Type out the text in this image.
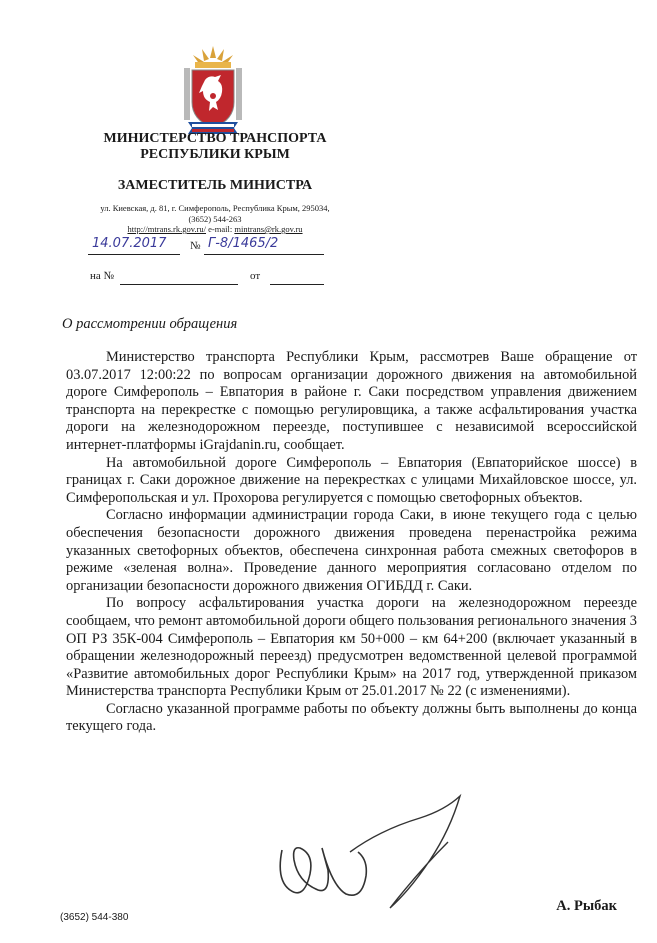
МИНИСТЕРСТВО ТРАНСПОРТА
РЕСПУБЛИКИ КРЫМ
ЗАМЕСТИТЕЛЬ МИНИСТРА
ул. Киевская, д. 81, г. Симферополь, Республика Крым, 295034,
(3652) 544-263
http://mtrans.rk.gov.ru/ e-mail: mintrans@rk.gov.ru
14.07.2017 № Г-8/1465/2
на №	от
О рассмотрении обращения

Министерство транспорта Республики Крым, рассмотрев Ваше обращение от 03.07.2017 12:00:22 по вопросам организации дорожного движения на автомобильной дороге Симферополь – Евпатория в районе г. Саки посредством управления движением транспорта на перекрестке с помощью регулировщика, а также асфальтирования участка дороги на железнодорожном переезде, поступившее с независимой всероссийской интернет-платформы iGrajdanin.ru, сообщает.

На автомобильной дороге Симферополь – Евпатория (Евпаторийское шоссе) в границах г. Саки дорожное движение на перекрестках с улицами Михайловское шоссе, ул. Симферопольская и ул. Прохорова регулируется с помощью светофорных объектов.

Согласно информации администрации города Саки, в июне текущего года с целью обеспечения безопасности дорожного движения проведена перенастройка режима указанных светофорных объектов, обеспечена синхронная работа смежных светофоров в режиме «зеленая волна». Проведение данного мероприятия согласовано отделом по организации безопасности дорожного движения ОГИБДД г. Саки.

По вопросу асфальтирования участка дороги на железнодорожном переезде сообщаем, что ремонт автомобильной дороги общего пользования регионального значения 3 ОП РЗ 35К-004 Симферополь – Евпатория км 50+000 – км 64+200 (включает указанный в обращении железнодорожный переезд) предусмотрен ведомственной целевой программой «Развитие автомобильных дорог Республики Крым» на 2017 год, утвержденной приказом Министерства транспорта Республики Крым от 25.01.2017 № 22 (с изменениями).

Согласно указанной программе работы по объекту должны быть выполнены до конца текущего года.

А. Рыбак
(3652) 544-380
